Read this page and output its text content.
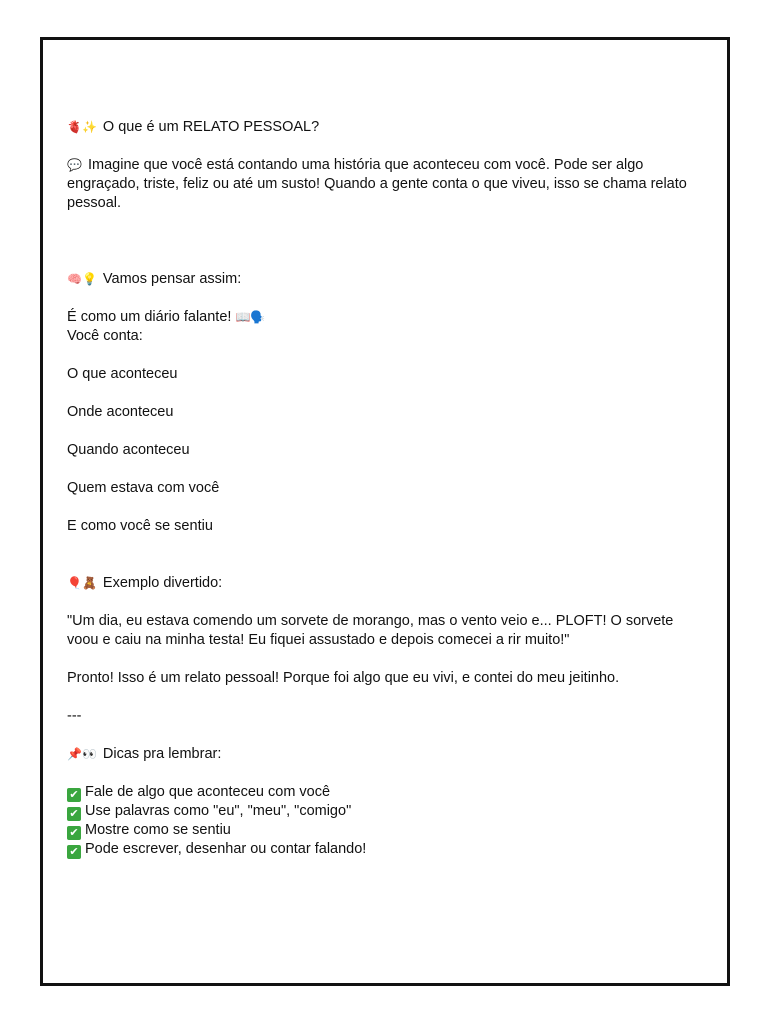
🫀✨ O que é um RELATO PESSOAL?

💬 Imagine que você está contando uma história que aconteceu com você. Pode ser algo engraçado, triste, feliz ou até um susto! Quando a gente conta o que viveu, isso se chama relato pessoal.

🧠💡 Vamos pensar assim:

É como um diário falante! 📖🗣️

Você conta:

O que aconteceu

Onde aconteceu

Quando aconteceu

Quem estava com você

E como você se sentiu

🎈🧸 Exemplo divertido:

"Um dia, eu estava comendo um sorvete de morango, mas o vento veio e... PLOFT! O sorvete voou e caiu na minha testa! Eu fiquei assustado e depois comecei a rir muito!"

Pronto! Isso é um relato pessoal! Porque foi algo que eu vivi, e contei do meu jeitinho.

---

📌👀 Dicas pra lembrar:

✔ Fale de algo que aconteceu com você

✔ Use palavras como "eu", "meu", "comigo"

✔ Mostre como se sentiu

✔ Pode escrever, desenhar ou contar falando!
